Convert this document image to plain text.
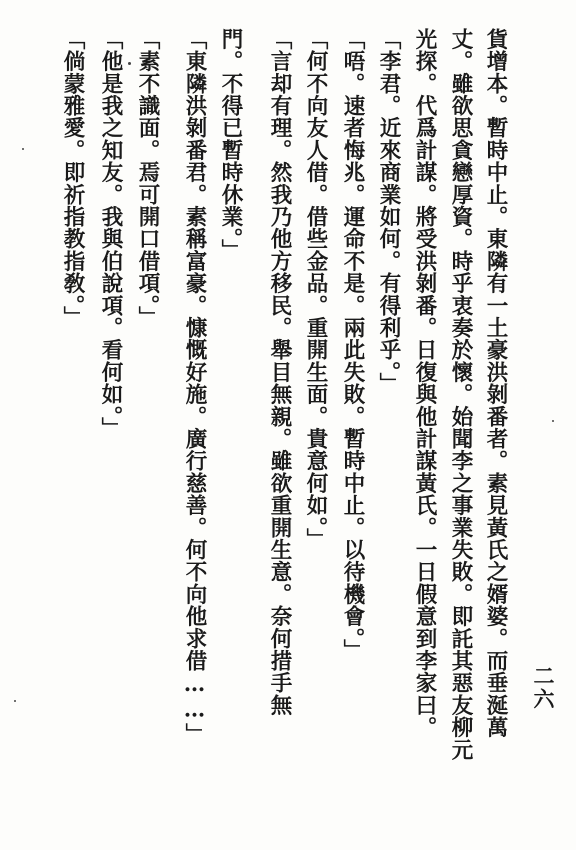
貨增本。暫時中止。東隣有一土豪洪剝番者。素見黃氏之婿婆。而垂涎萬
丈。雖欲思貪戀厚資。時乎衷奏於懷。始聞李之事業失敗。即託其惡友柳元
光探。代爲計謀。將受洪剝番。日復與他計謀黃氏。一日假意到李家曰。
「李君。近來商業如何。有得利乎。」
「唔。速者悔兆。運命不是。兩此失敗。暫時中止。以待機會。」
「何不向友人借。借些金品。重開生面。貴意何如。」
「言却有理。然我乃他方移民。舉目無親。雖欲重開生意。奈何措手無
門。不得已暫時休業。」
「東隣洪剝番君。素稱富豪。慷慨好施。廣行慈善。何不向他求借……」
「素不識面。焉可開口借項。」
「他是我之知友。我與伯說項。看何如。」
「倘蒙雅愛。即祈指教指敎。」
二六
